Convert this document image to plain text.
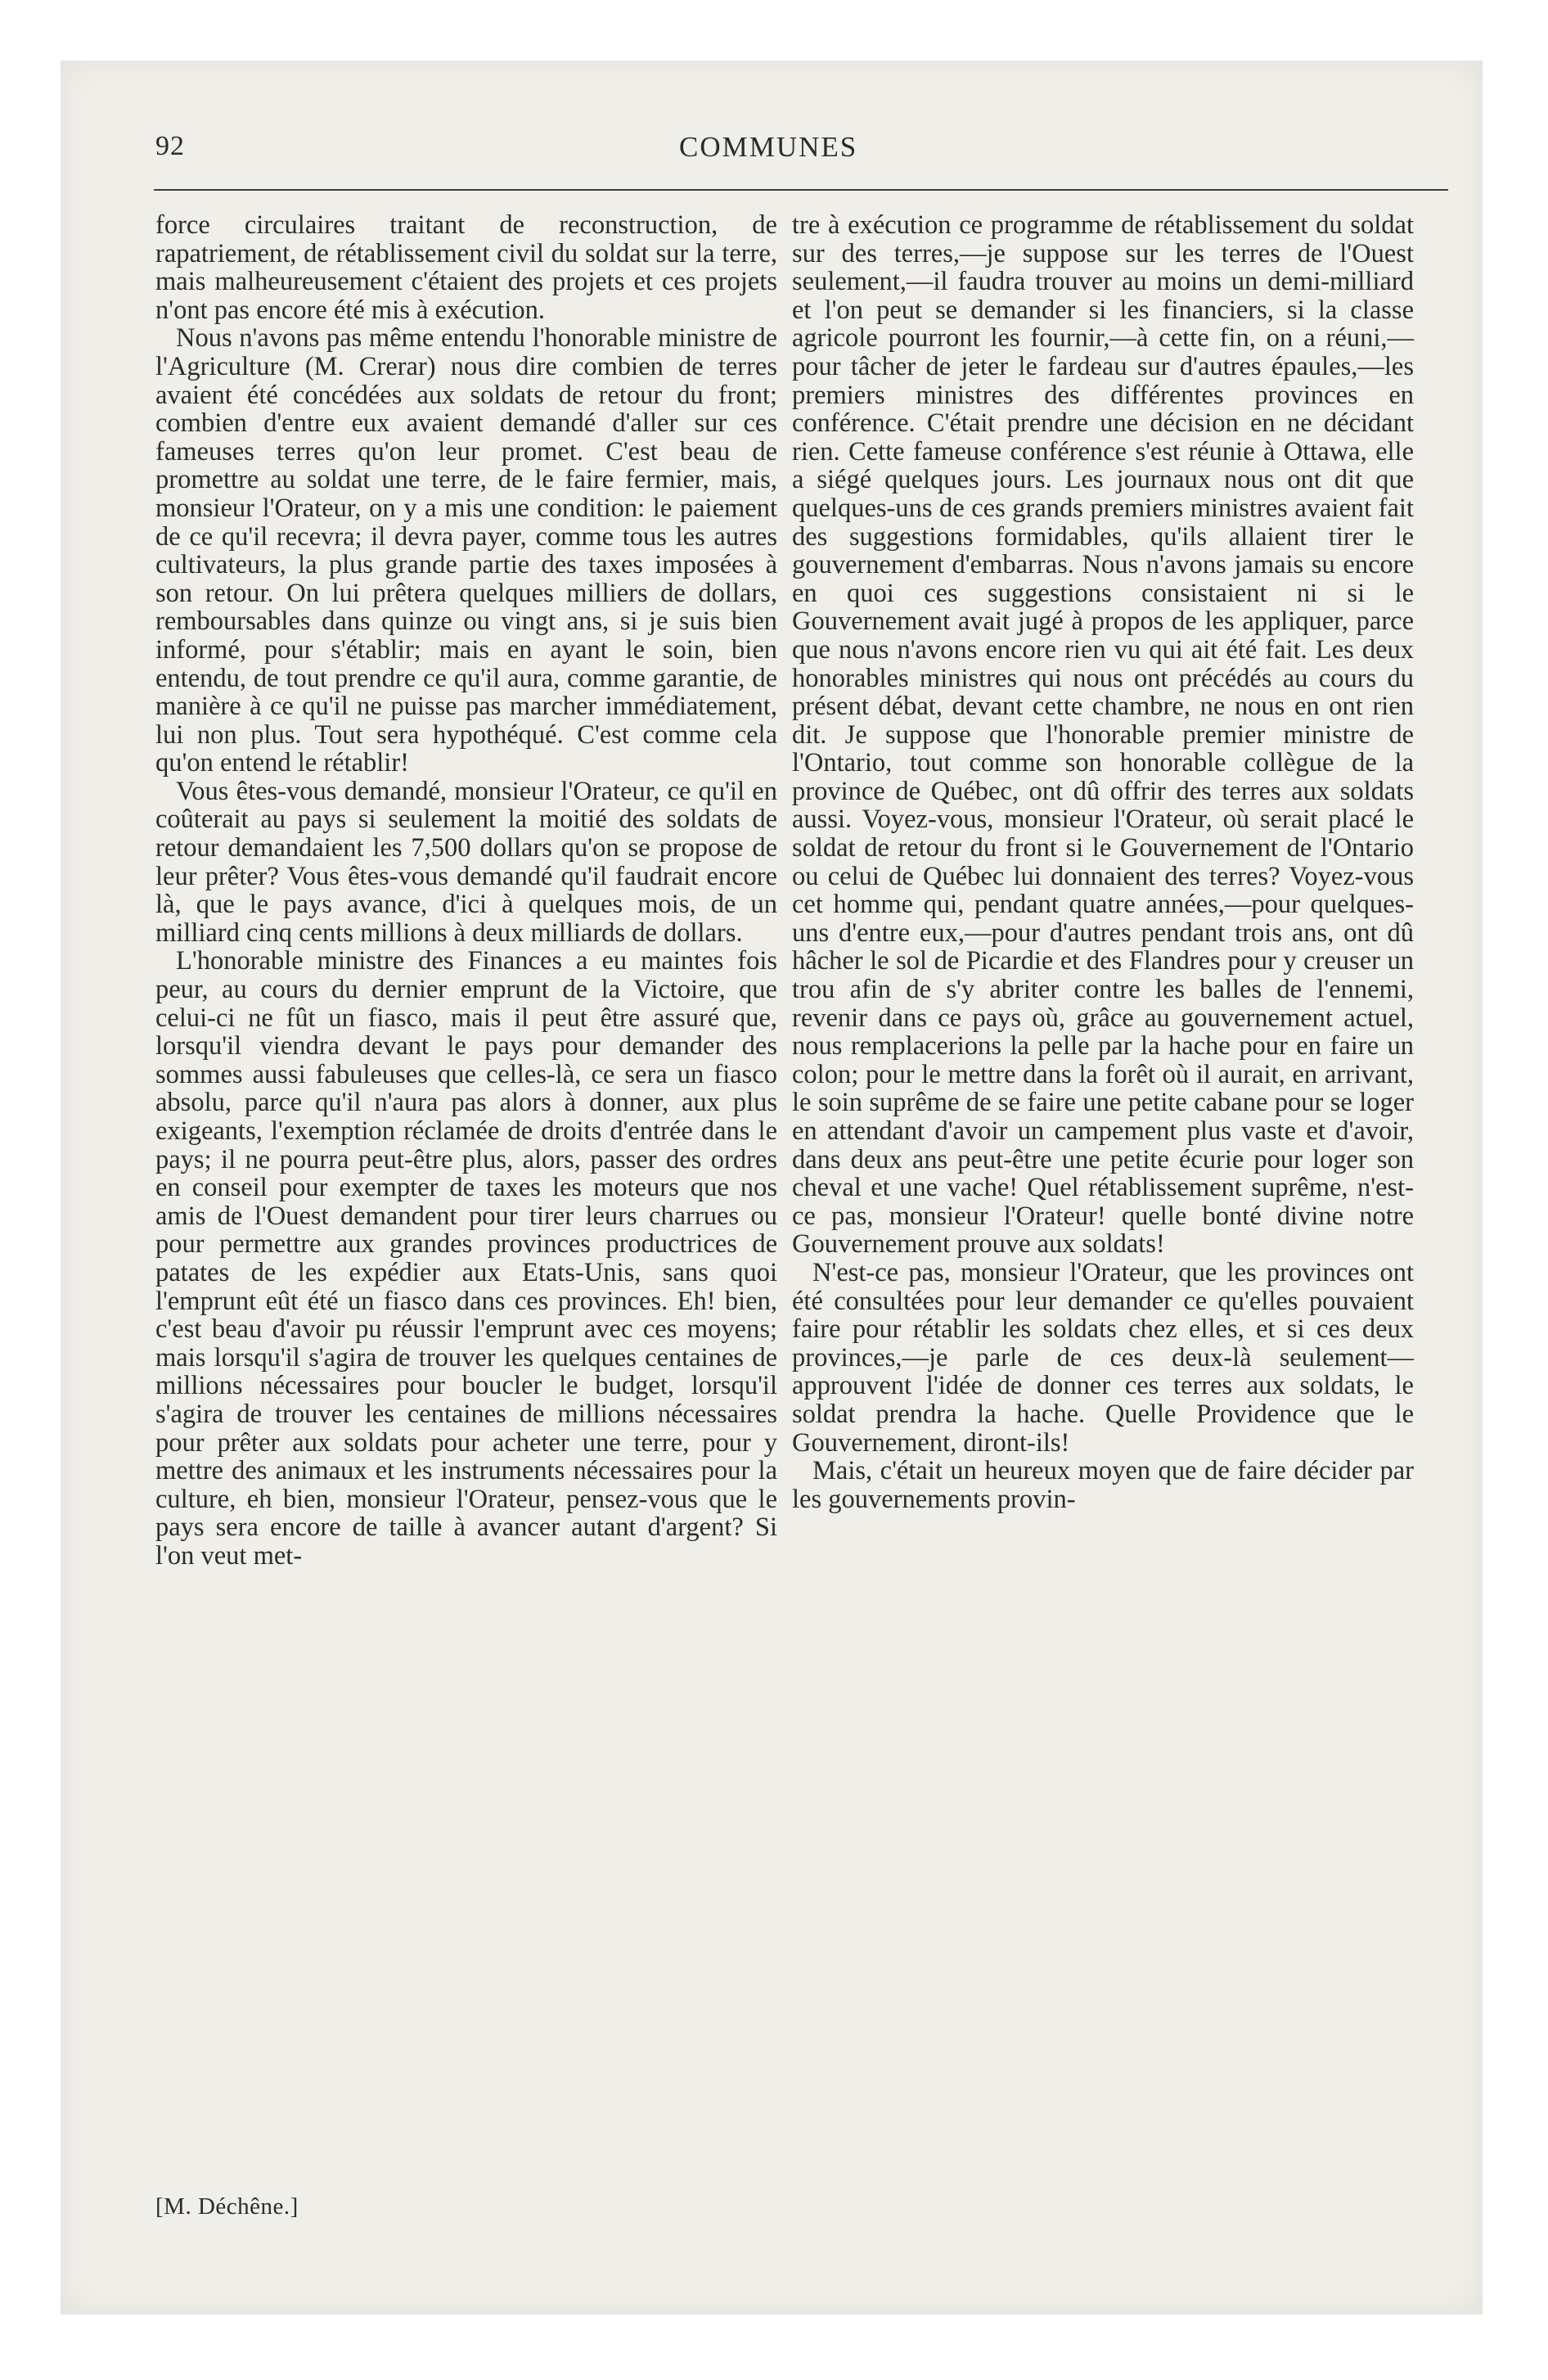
92	COMMUNES

force circulaires traitant de reconstruction, de rapatriement, de rétablissement civil du soldat sur la terre, mais malheureusement c'étaient des projets et ces projets n'ont pas encore été mis à exécution.

Nous n'avons pas même entendu l'honorable ministre de l'Agriculture (M. Crerar) nous dire combien de terres avaient été concédées aux soldats de retour du front; combien d'entre eux avaient demandé d'aller sur ces fameuses terres qu'on leur promet. C'est beau de promettre au soldat une terre, de le faire fermier, mais, monsieur l'Orateur, on y a mis une condition: le paiement de ce qu'il recevra; il devra payer, comme tous les autres cultivateurs, la plus grande partie des taxes imposées à son retour. On lui prêtera quelques milliers de dollars, remboursables dans quinze ou vingt ans, si je suis bien informé, pour s'établir; mais en ayant le soin, bien entendu, de tout prendre ce qu'il aura, comme garantie, de manière à ce qu'il ne puisse pas marcher immédiatement, lui non plus. Tout sera hypothéqué. C'est comme cela qu'on entend le rétablir!

Vous êtes-vous demandé, monsieur l'Orateur, ce qu'il en coûterait au pays si seulement la moitié des soldats de retour demandaient les 7,500 dollars qu'on se propose de leur prêter? Vous êtes-vous demandé qu'il faudrait encore là, que le pays avance, d'ici à quelques mois, de un milliard cinq cents millions à deux milliards de dollars.

L'honorable ministre des Finances a eu maintes fois peur, au cours du dernier emprunt de la Victoire, que celui-ci ne fût un fiasco, mais il peut être assuré que, lorsqu'il viendra devant le pays pour demander des sommes aussi fabuleuses que celles-là, ce sera un fiasco absolu, parce qu'il n'aura pas alors à donner, aux plus exigeants, l'exemption réclamée de droits d'entrée dans le pays; il ne pourra peut-être plus, alors, passer des ordres en conseil pour exempter de taxes les moteurs que nos amis de l'Ouest demandent pour tirer leurs charrues ou pour permettre aux grandes provinces productrices de patates de les expédier aux Etats-Unis, sans quoi l'emprunt eût été un fiasco dans ces provinces. Eh! bien, c'est beau d'avoir pu réussir l'emprunt avec ces moyens; mais lorsqu'il s'agira de trouver les quelques centaines de millions nécessaires pour boucler le budget, lorsqu'il s'agira de trouver les centaines de millions nécessaires pour prêter aux soldats pour acheter une terre, pour y mettre des animaux et les instruments nécessaires pour la culture, eh bien, monsieur l'Orateur, pensez-vous que le pays sera encore de taille à avancer autant d'argent? Si l'on veut met-

tre à exécution ce programme de rétablissement du soldat sur des terres,—je suppose sur les terres de l'Ouest seulement,—il faudra trouver au moins un demi-milliard et l'on peut se demander si les financiers, si la classe agricole pourront les fournir,—à cette fin, on a réuni,—pour tâcher de jeter le fardeau sur d'autres épaules,—les premiers ministres des différentes provinces en conférence. C'était prendre une décision en ne décidant rien. Cette fameuse conférence s'est réunie à Ottawa, elle a siégé quelques jours. Les journaux nous ont dit que quelques-uns de ces grands premiers ministres avaient fait des suggestions formidables, qu'ils allaient tirer le gouvernement d'embarras. Nous n'avons jamais su encore en quoi ces suggestions consistaient ni si le Gouvernement avait jugé à propos de les appliquer, parce que nous n'avons encore rien vu qui ait été fait. Les deux honorables ministres qui nous ont précédés au cours du présent débat, devant cette chambre, ne nous en ont rien dit. Je suppose que l'honorable premier ministre de l'Ontario, tout comme son honorable collègue de la province de Québec, ont dû offrir des terres aux soldats aussi. Voyez-vous, monsieur l'Orateur, où serait placé le soldat de retour du front si le Gouvernement de l'Ontario ou celui de Québec lui donnaient des terres? Voyez-vous cet homme qui, pendant quatre années,—pour quelques-uns d'entre eux,—pour d'autres pendant trois ans, ont dû hâcher le sol de Picardie et des Flandres pour y creuser un trou afin de s'y abriter contre les balles de l'ennemi, revenir dans ce pays où, grâce au gouvernement actuel, nous remplacerions la pelle par la hache pour en faire un colon; pour le mettre dans la forêt où il aurait, en arrivant, le soin suprême de se faire une petite cabane pour se loger en attendant d'avoir un campement plus vaste et d'avoir, dans deux ans peut-être une petite écurie pour loger son cheval et une vache! Quel rétablissement suprême, n'est-ce pas, monsieur l'Orateur! quelle bonté divine notre Gouvernement prouve aux soldats!

N'est-ce pas, monsieur l'Orateur, que les provinces ont été consultées pour leur demander ce qu'elles pouvaient faire pour rétablir les soldats chez elles, et si ces deux provinces,—je parle de ces deux-là seulement—approuvent l'idée de donner ces terres aux soldats, le soldat prendra la hache. Quelle Providence que le Gouvernement, diront-ils!

Mais, c'était un heureux moyen que de faire décider par les gouvernements provin-

[M. Déchêne.]
